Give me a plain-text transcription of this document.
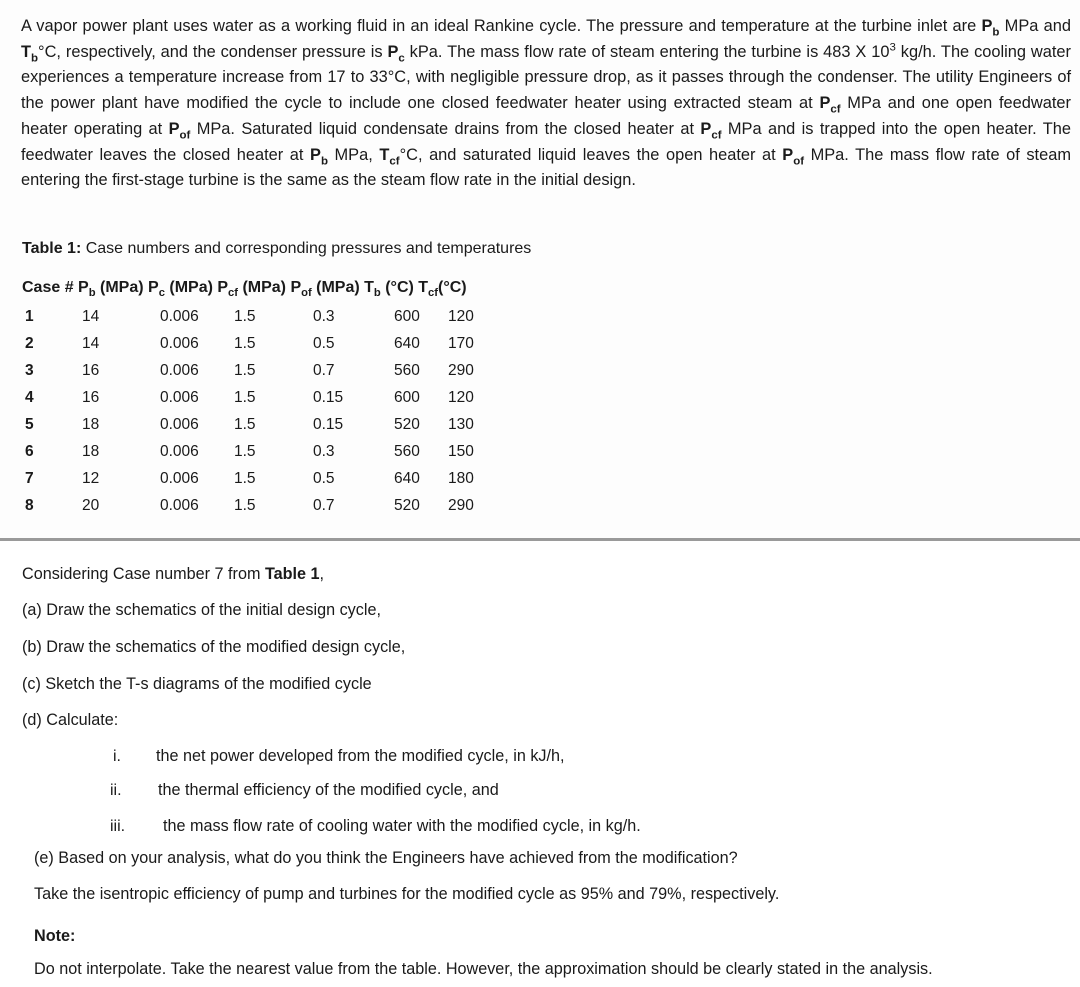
A vapor power plant uses water as a working fluid in an ideal Rankine cycle. The pressure and temperature at the turbine inlet are $P_b$ MPa and $T_b^\circ C$, respectively, and the condenser pressure is $P_c$ kPa. The mass flow rate of steam entering the turbine is 483 X $10^3$ kg/h. The cooling water experiences a temperature increase from 17 to 33°C, with negligible pressure drop, as it passes through the condenser. The utility Engineers of the power plant have modified the cycle to include one closed feedwater heater using extracted steam at $P_{cf}$ MPa and one open feedwater heater operating at $P_{of}$ MPa. Saturated liquid condensate drains from the closed heater at $P_{cf}$ MPa and is trapped into the open heater. The feedwater leaves the closed heater at $P_b$ MPa, $T_{cf}^\circ C$, and saturated liquid leaves the open heater at $P_{of}$ MPa. The mass flow rate of steam entering the first-stage turbine is the same as the steam flow rate in the initial design.

Table 1: Case numbers and corresponding pressures and temperatures

Case # $P_b$ (MPa) $P_c$ (MPa) $P_{cf}$ (MPa) $P_{of}$ (MPa) $T_b$ (°C) $T_{cf}(^\circ C)$

1	14	0.006 1.5	0.3	600 120
2	14	0.006 1.5	0.5	640 170
3	16	0.006 1.5	0.7	560 290
4	16	0.006 1.5	0.15	600 120
5	18	0.006 1.5	0.15	520 130
6	18	0.006 1.5	0.3	560 150
7	12	0.006 1.5	0.5	640 180
8	20	0.006 1.5	0.7	520 290

Considering Case number 7 from Table 1,

(a) Draw the schematics of the initial design cycle,

(b) Draw the schematics of the modified design cycle,

(c) Sketch the T-s diagrams of the modified cycle

(d) Calculate:

i. the net power developed from the modified cycle, in kJ/h,

ii. the thermal efficiency of the modified cycle, and

iii. the mass flow rate of cooling water with the modified cycle, in kg/h.

(e) Based on your analysis, what do you think the Engineers have achieved from the modification?

Take the isentropic efficiency of pump and turbines for the modified cycle as 95% and 79%, respectively.

Note:

Do not interpolate. Take the nearest value from the table. However, the approximation should be clearly stated in the analysis.
